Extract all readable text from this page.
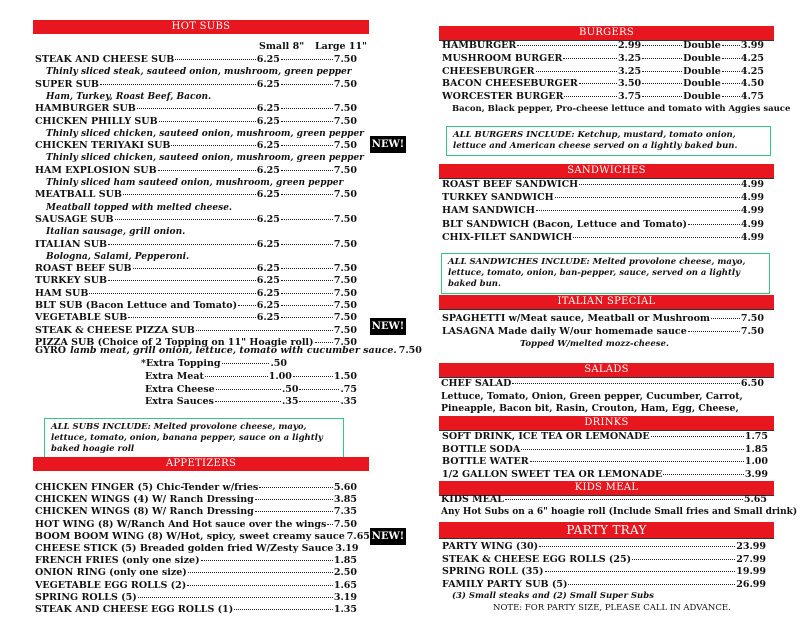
HOT SUBS
Small 8" Large 11"
STEAK AND CHEESE SUB	6.25	7.50
Thinly sliced steak, sauteed onion, mushroom, green pepper
SUPER SUB	6.25	7.50
Ham, Turkey, Roast Beef, Bacon.
HAMBURGER SUB	6.25	7.50
CHICKEN PHILLY SUB	6.25	7.50
Thinly sliced chicken, sauteed onion, mushroom, green pepper
CHICKEN TERIYAKI SUB	6.25	7.50
Thinly sliced chicken, sauteed onion, mushroom, green pepper
HAM EXPLOSION SUB	6.25	7.50
Thinly sliced ham sauteed onion, mushroom, green pepper
MEATBALL SUB	6.25	7.50
Meatball topped with melted cheese.
SAUSAGE SUB	6.25	7.50
Italian sausage, grill onion.
ITALIAN SUB	6.25	7.50
Bologna, Salami, Pepperoni.
ROAST BEEF SUB	6.25	7.50
TURKEY SUB	6.25	7.50
HAM SUB	6.25	7.50
BLT SUB (Bacon Lettuce and Tomato) 6.25	7.50
VEGETABLE SUB	6.25	7.50
STEAK & CHEESE PIZZA SUB	7.50
PIZZA SUB (Choice of 2 Topping on 11" Hoagie roll) 7.50
GYRO lamb meat, grill onion, lettuce, tomato with cucumber sauce. 7.50
*Extra Topping	.50
Extra Meat	1.00	1.50
Extra Cheese	.50	.75
Extra Sauces	.35	.35
ALL SUBS INCLUDE: Melted provolone cheese, mayo, lettuce, tomato, onion, banana pepper, sauce on a lightly baked hoagie roll
APPETIZERS
CHICKEN FINGER (5) Chic-Tender w/fries	5.60
CHICKEN WINGS (4) W/ Ranch Dressing	3.85
CHICKEN WINGS (8) W/ Ranch Dressing	7.35
HOT WING (8) W/Ranch And Hot sauce over the wings 7.50
BOOM BOOM WING (8) W/Hot, spicy, sweet creamy sauce 7.65
CHEESE STICK (5) Breaded golden fried W/Zesty Sauce 3.19
FRENCH FRIES (only one size)	1.85
ONION RING (only one size)	2.50
VEGETABLE EGG ROLLS (2)	1.65
SPRING ROLLS (5)	3.19
STEAK AND CHEESE EGG ROLLS (1)	1.35
NEW!
NEW!
NEW!
BURGERS
HAMBURGER	2.99	Double 3.99
MUSHROOM BURGER	3.25	Double 4.25
CHEESEBURGER	3.25	Double 4.25
BACON CHEESEBURGER	3.50	Double 4.50
WORCESTER BURGER	3.75	Double 4.75
Bacon, Black pepper, Pro-cheese lettuce and tomato with Aggies sauce
ALL BURGERS INCLUDE: Ketchup, mustard, tomato onion, lettuce and American cheese served on a lightly baked bun.
SANDWICHES
ROAST BEEF SANDWICH	4.99
TURKEY SANDWICH	4.99
HAM SANDWICH	4.99
BLT SANDWICH (Bacon, Lettuce and Tomato)	4.99
CHIX-FILET SANDWICH	4.99
ALL SANDWICHES INCLUDE: Melted provolone cheese, mayo, lettuce, tomato, onion, ban-pepper, sauce, served on a lightly baked bun.
ITALIAN SPECIAL
SPAGHETTI w/Meat sauce, Meatball or Mushroom	7.50
LASAGNA Made daily W/our homemade sauce	7.50
Topped W/melted mozz-cheese.
SALADS
CHEF SALAD	6.50
Lettuce, Tomato, Onion, Green pepper, Cucumber, Carrot, Pineapple, Bacon bit, Rasin, Crouton, Ham, Egg, Cheese,
DRINKS
SOFT DRINK, ICE TEA OR LEMONADE	1.75
BOTTLE SODA	1.85
BOTTLE WATER	1.00
1/2 GALLON SWEET TEA OR LEMONADE	3.99
KIDS MEAL
KIDS MEAL	5.65
Any Hot Subs on a 6" hoagie roll (Include Small fries and Small drink)
PARTY TRAY
PARTY WING (30)	23.99
STEAK & CHEESE EGG ROLLS (25)	27.99
SPRING ROLL (35)	19.99
FAMILY PARTY SUB (5)	26.99
(3) Small steaks and (2) Small Super Subs
NOTE: FOR PARTY SIZE, PLEASE CALL IN ADVANCE.
